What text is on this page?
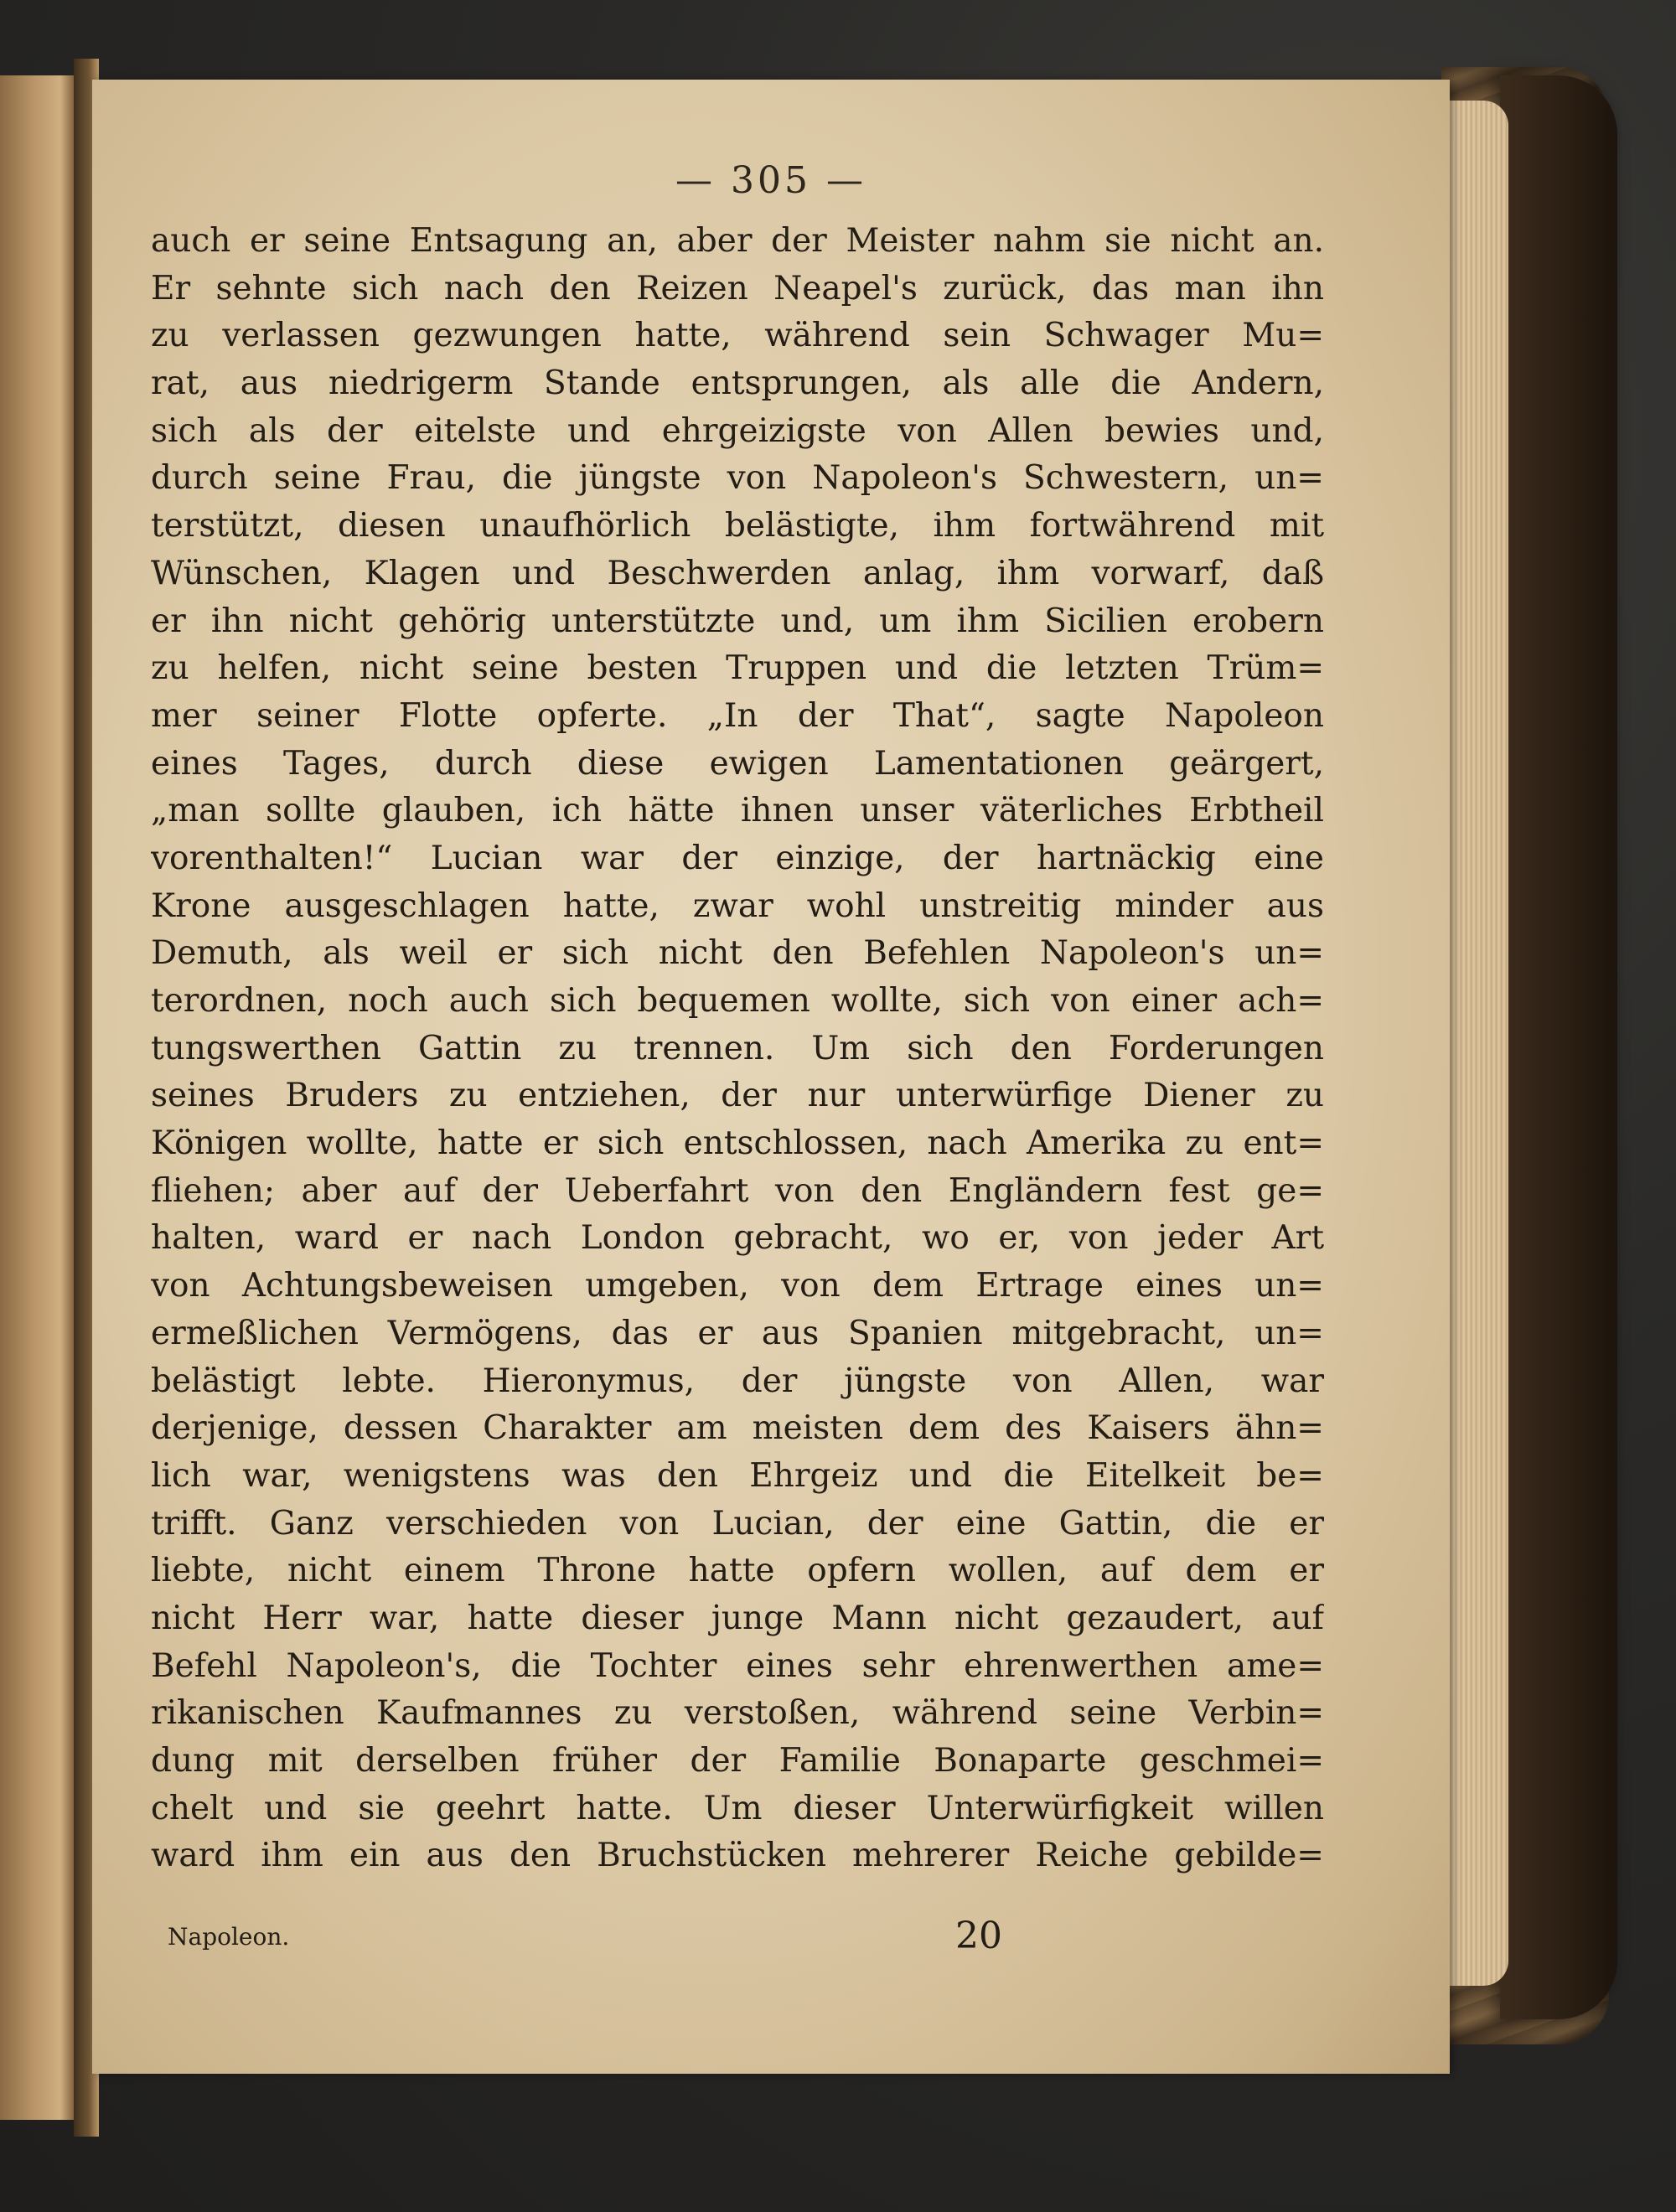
— 305 —
auch er seine Entsagung an, aber der Meister nahm sie nicht an.
Er sehnte sich nach den Reizen Neapel's zurück, das man ihn
zu verlassen gezwungen hatte, während sein Schwager Mu=
rat, aus niedrigerm Stande entsprungen, als alle die Andern,
sich als der eitelste und ehrgeizigste von Allen bewies und,
durch seine Frau, die jüngste von Napoleon's Schwestern, un=
terstützt, diesen unaufhörlich belästigte, ihm fortwährend mit
Wünschen, Klagen und Beschwerden anlag, ihm vorwarf, daß
er ihn nicht gehörig unterstützte und, um ihm Sicilien erobern
zu helfen, nicht seine besten Truppen und die letzten Trüm=
mer seiner Flotte opferte. „In der That“, sagte Napoleon
eines Tages, durch diese ewigen Lamentationen geärgert,
„man sollte glauben, ich hätte ihnen unser väterliches Erbtheil
vorenthalten!“ Lucian war der einzige, der hartnäckig eine
Krone ausgeschlagen hatte, zwar wohl unstreitig minder aus
Demuth, als weil er sich nicht den Befehlen Napoleon's un=
terordnen, noch auch sich bequemen wollte, sich von einer ach=
tungswerthen Gattin zu trennen. Um sich den Forderungen
seines Bruders zu entziehen, der nur unterwürfige Diener zu
Königen wollte, hatte er sich entschlossen, nach Amerika zu ent=
fliehen; aber auf der Ueberfahrt von den Engländern fest ge=
halten, ward er nach London gebracht, wo er, von jeder Art
von Achtungsbeweisen umgeben, von dem Ertrage eines un=
ermeßlichen Vermögens, das er aus Spanien mitgebracht, un=
belästigt lebte. Hieronymus, der jüngste von Allen, war
derjenige, dessen Charakter am meisten dem des Kaisers ähn=
lich war, wenigstens was den Ehrgeiz und die Eitelkeit be=
trifft. Ganz verschieden von Lucian, der eine Gattin, die er
liebte, nicht einem Throne hatte opfern wollen, auf dem er
nicht Herr war, hatte dieser junge Mann nicht gezaudert, auf
Befehl Napoleon's, die Tochter eines sehr ehrenwerthen ame=
rikanischen Kaufmannes zu verstoßen, während seine Verbin=
dung mit derselben früher der Familie Bonaparte geschmei=
chelt und sie geehrt hatte. Um dieser Unterwürfigkeit willen
ward ihm ein aus den Bruchstücken mehrerer Reiche gebilde=
Napoleon.	20
